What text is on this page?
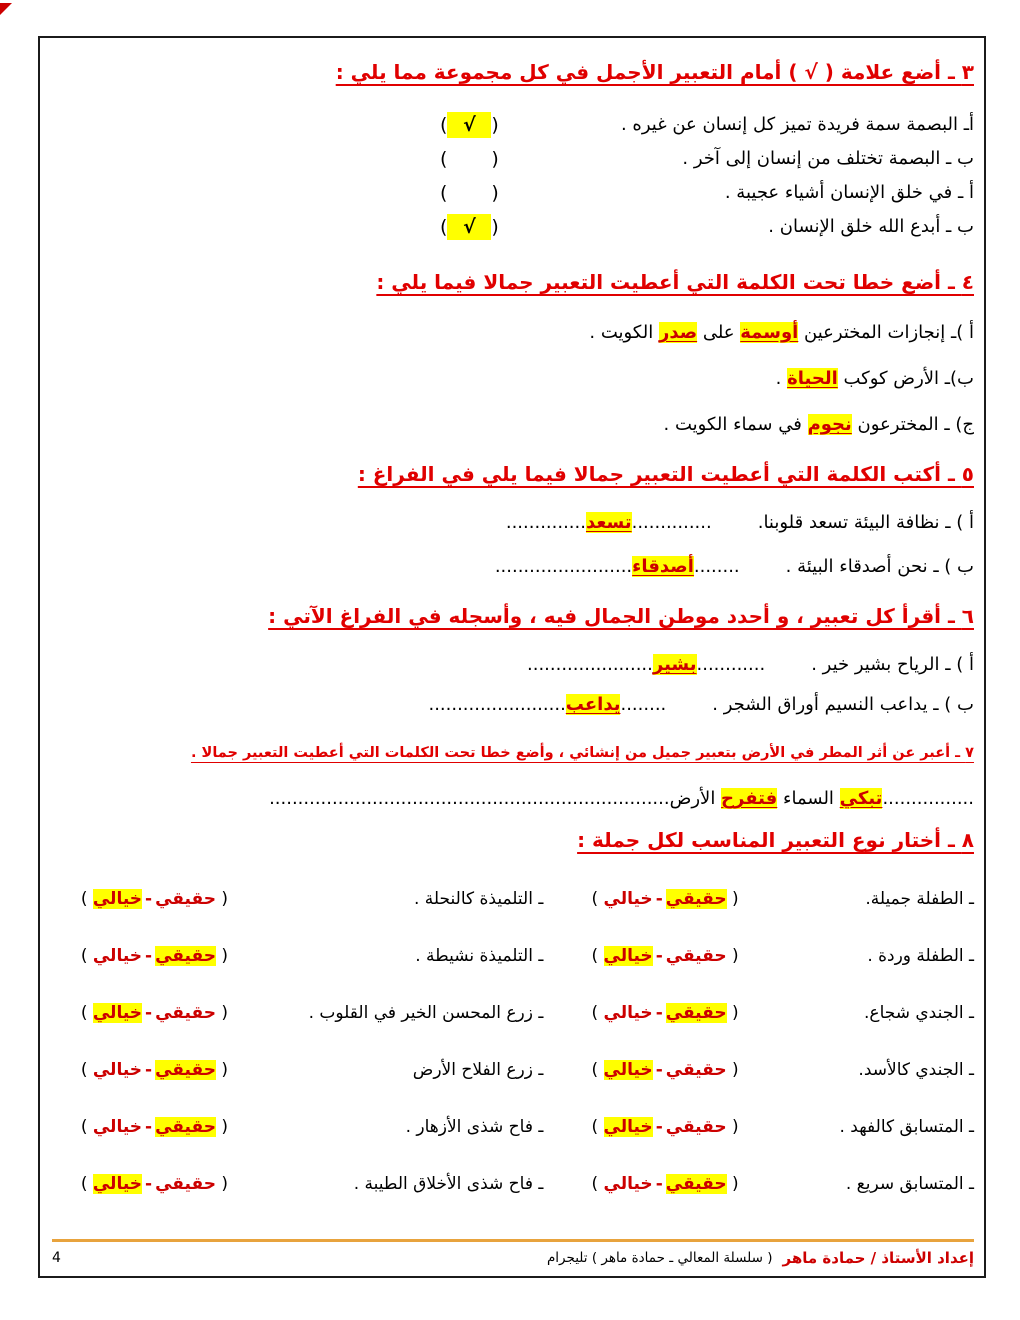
٣ ـ أضع علامة ( √ ) أمام التعبير الأجمل في كل مجموعة مما يلي :
أـ البصمة سمة فريدة تميز كل إنسان عن غيره .
(√)
ب ـ البصمة تختلف من إنسان إلى آخر .
()
أ ـ في خلق الإنسان أشياء عجيبة .
()
ب ـ أبدع الله خلق الإنسان .
(√)
٤ ـ أضع خطا تحت الكلمة التي أعطيت التعبير جمالا فيما يلي :
أ )ـ إنجازات المخترعين أوسمة على صدر الكويت .
ب)ـ الأرض كوكب الحياة .
ج) ـ المخترعون نجوم في سماء الكويت .
٥ ـ أكتب الكلمة التي أعطيت التعبير جمالا فيما يلي في الفراغ :
أ ) ـ نظافة البيئة تسعد قلوبنا...............تسعد..............
ب ) ـ نحن أصدقاء البيئة .........أصدقاء........................
٦ ـ أقرأ كل تعبير ، و أحدد موطن الجمال فيه ، وأسجله في الفراغ الآتي :
أ ) ـ الرياح بشير خير .............بشير......................
ب ) ـ يداعب النسيم أوراق الشجر .........يداعب........................
٧ ـ أعبر عن أثر المطر في الأرض بتعبير جميل من إنشائي ، وأضع خطا تحت الكلمات التي أعطيت التعبير جمالا .
................تبكي السماء فتفرح الأرض......................................................................
٨ ـ أختار نوع التعبير المناسب لكل جملة :
ـ الطفلة جميلة.
( حقيقي-خيالي )
ـ التلميذة كالنحلة .
( حقيقي-خيالي )
ـ الطفلة وردة .
( حقيقي-خيالي )
ـ التلميذة نشيطة .
( حقيقي-خيالي )
ـ الجندي شجاع.
( حقيقي-خيالي )
ـ زرع المحسن الخير في القلوب .
( حقيقي-خيالي )
ـ الجندي كالأسد.
( حقيقي-خيالي )
ـ زرع الفلاح الأرض
( حقيقي-خيالي )
ـ المتسابق كالفهد .
( حقيقي-خيالي )
ـ فاح شذى الأزهار .
( حقيقي-خيالي )
ـ المتسابق سريع .
( حقيقي-خيالي )
ـ فاح شذى الأخلاق الطيبة .
( حقيقي-خيالي )
إعداد الأستاذ / حمادة ماهر
( سلسلة المعالي ـ حمادة ماهر ) تليجرام
4
